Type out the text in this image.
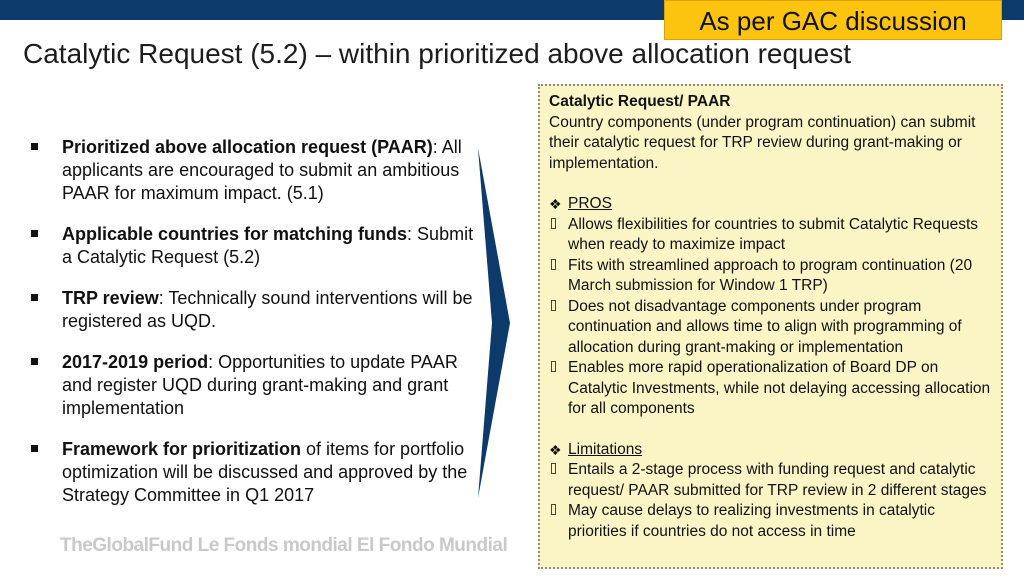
As per GAC discussion
Catalytic Request (5.2) – within prioritized above allocation request
Prioritized above allocation request (PAAR): All applicants are encouraged to submit an ambitious PAAR for maximum impact. (5.1)
Applicable countries for matching funds: Submit a Catalytic Request (5.2)
TRP review: Technically sound interventions will be registered as UQD.
2017-2019 period: Opportunities to update PAAR and register UQD during grant-making and grant implementation
Framework for prioritization of items for portfolio optimization will be discussed and approved by the Strategy Committee in Q1 2017
Catalytic Request/ PAAR
Country components (under program continuation) can submit their catalytic request for TRP review during grant-making or implementation.
❖ PROS
Allows flexibilities for countries to submit Catalytic Requests when ready to maximize impact
Fits with streamlined approach to program continuation (20 March submission for Window 1 TRP)
Does not disadvantage components under program continuation and allows time to align with programming of allocation during grant-making or implementation
Enables more rapid operationalization of Board DP on Catalytic Investments, while not delaying accessing allocation for all components
❖ Limitations
Entails a 2-stage process with funding request and catalytic request/ PAAR submitted for TRP review in 2 different stages
May cause delays to realizing investments in catalytic priorities if countries do not access in time
TheGlobalFund Le Fonds mondial El Fondo Mundial
